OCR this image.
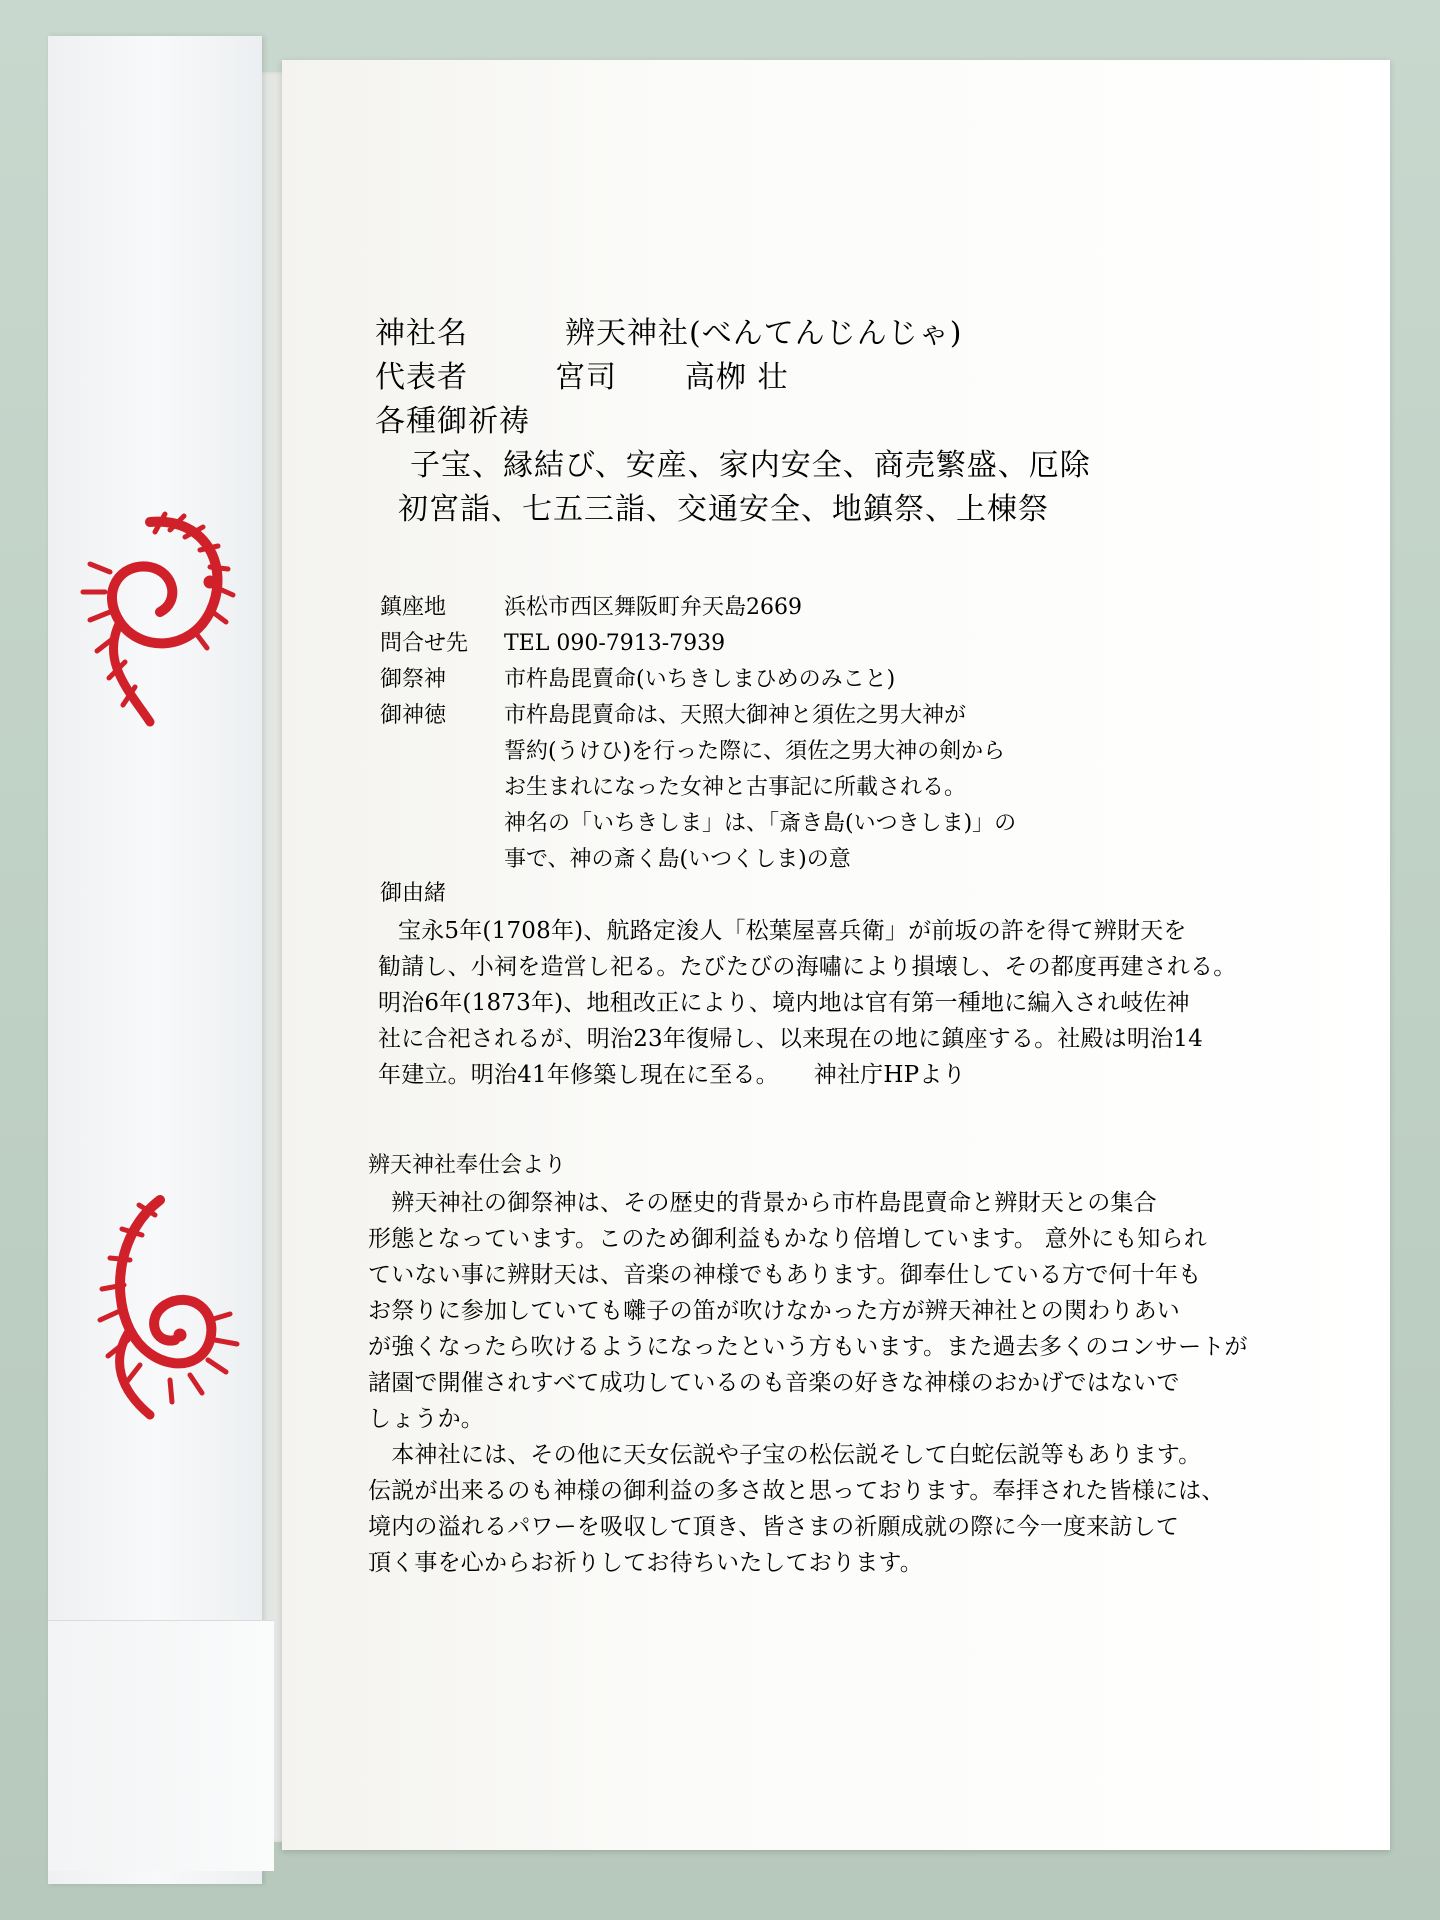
神社名	辨天神社(べんてんじんじゃ)
代表者	宮司 高栁 壮
各種御祈祷
子宝、縁結び、安産、家内安全、商売繁盛、厄除
初宮詣、七五三詣、交通安全、地鎮祭、上棟祭
鎮座地	浜松市西区舞阪町弁天島2669
問合せ先 TEL 090-7913-7939
御祭神	市杵島毘賣命(いちきしまひめのみこと)
御神徳	市杵島毘賣命は、天照大御神と須佐之男大神が
誓約(うけひ)を行った際に、須佐之男大神の剣から
お生まれになった女神と古事記に所載される。
神名の「いちきしま」は、「斎き島(いつきしま)」の
事で、神の斎く島(いつくしま)の意
御由緒
宝永5年(1708年)、航路定浚人「松葉屋喜兵衛」が前坂の許を得て辨財天を
勧請し、小祠を造営し祀る。たびたびの海嘯により損壊し、その都度再建される。
明治6年(1873年)、地租改正により、境内地は官有第一種地に編入され岐佐神
社に合祀されるが、明治23年復帰し、以来現在の地に鎮座する。社殿は明治14
年建立。明治41年修築し現在に至る。　　神社庁HPより
辨天神社奉仕会より
　辨天神社の御祭神は、その歴史的背景から市杵島毘賣命と辨財天との集合
形態となっています。このため御利益もかなり倍増しています。 意外にも知られ
ていない事に辨財天は、音楽の神様でもあります。御奉仕している方で何十年も
お祭りに参加していても囃子の笛が吹けなかった方が辨天神社との関わりあい
が強くなったら吹けるようになったという方もいます。また過去多くのコンサートが
諸園で開催されすべて成功しているのも音楽の好きな神様のおかげではないで
しょうか。
　本神社には、その他に天女伝説や子宝の松伝説そして白蛇伝説等もあります。
伝説が出来るのも神様の御利益の多さ故と思っております。奉拝された皆様には、
境内の溢れるパワーを吸収して頂き、皆さまの祈願成就の際に今一度来訪して
頂く事を心からお祈りしてお待ちいたしております。
